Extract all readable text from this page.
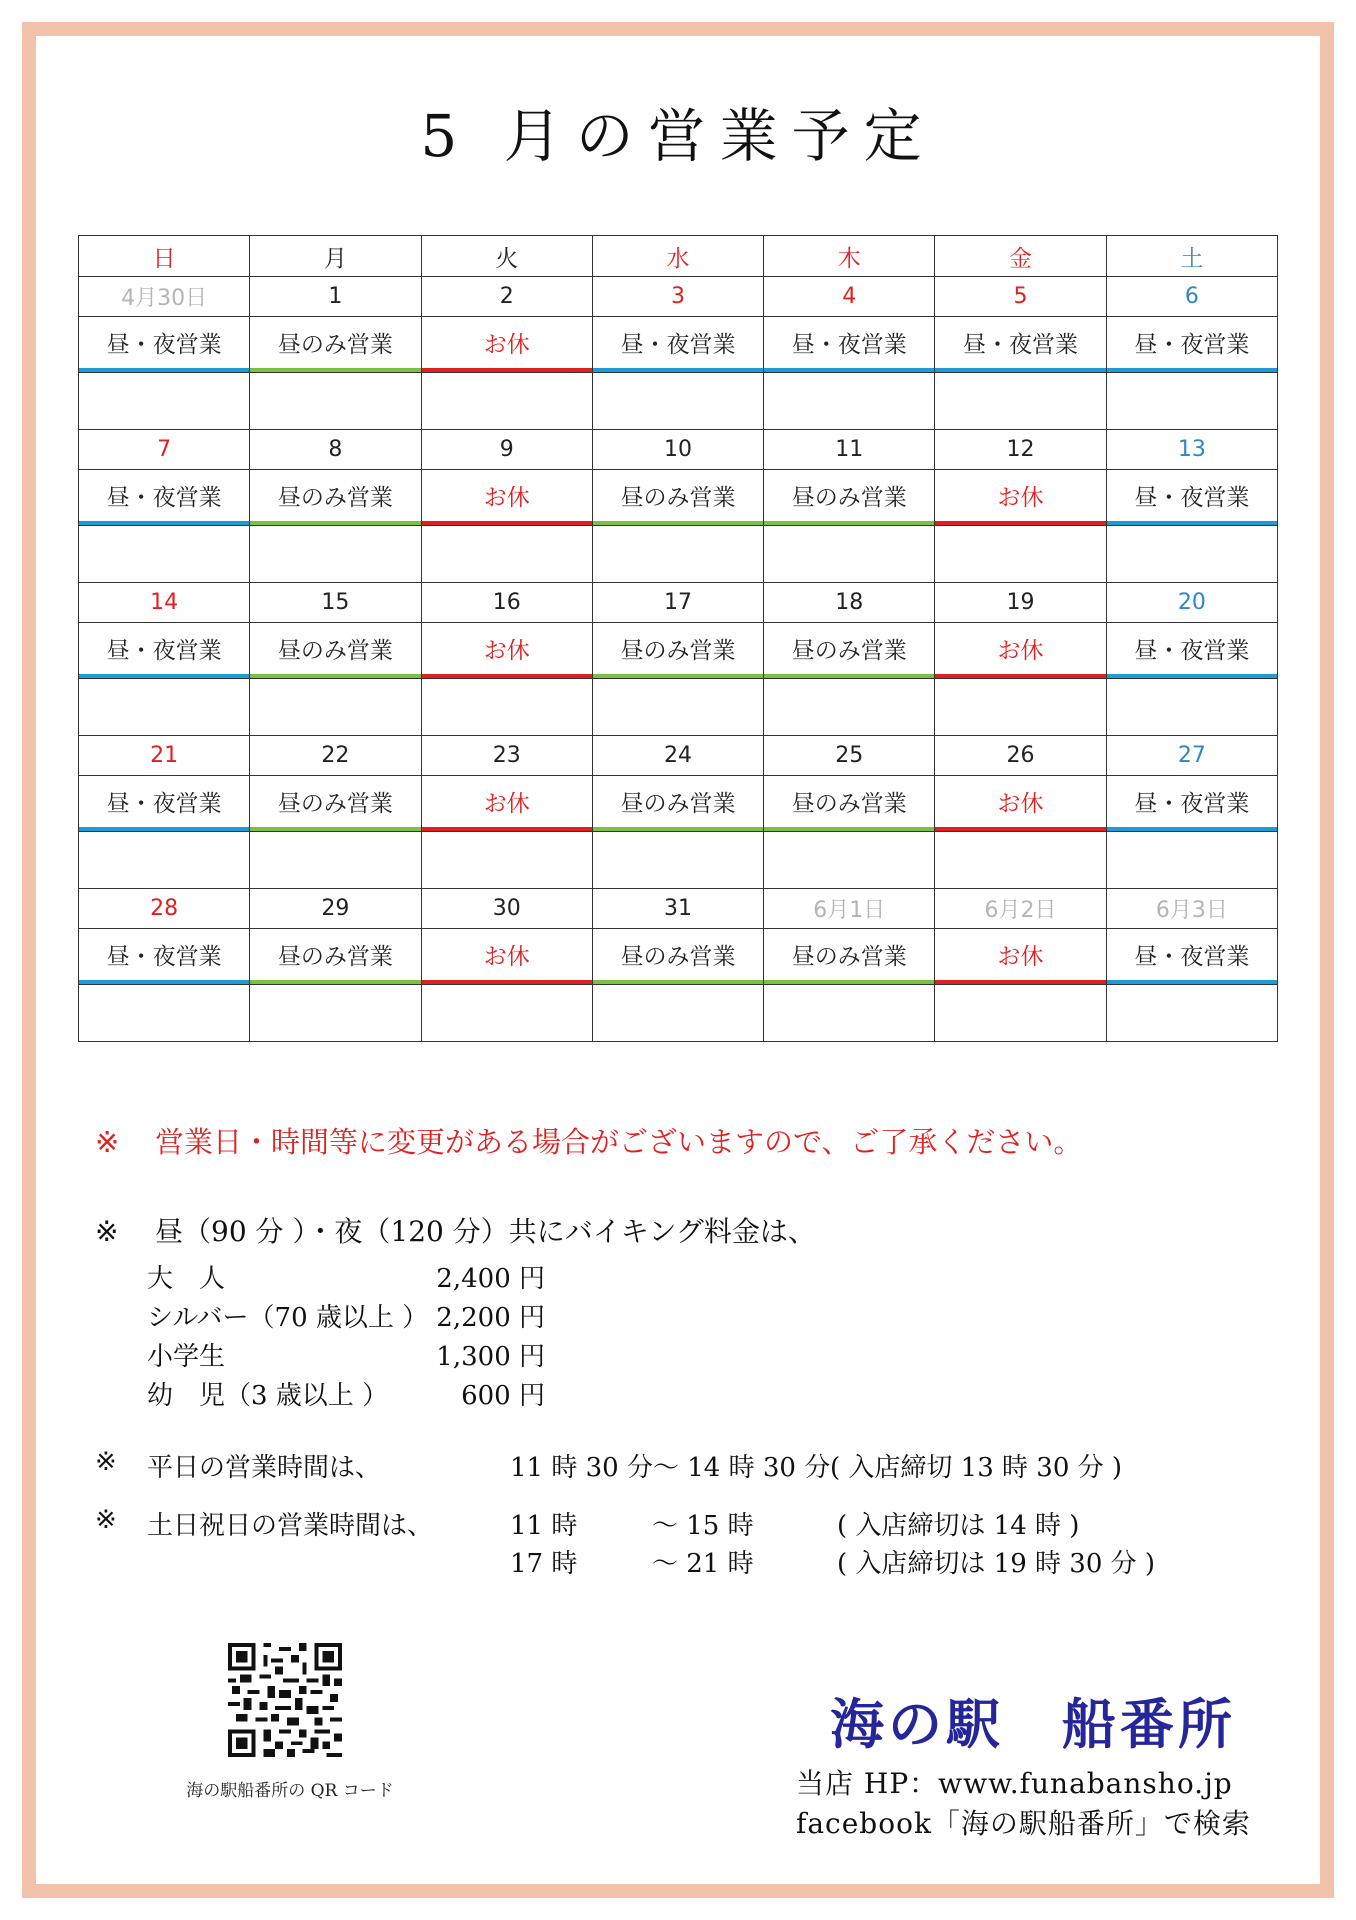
5 月の営業予定
日	月	火	水	木	金	土
4月30日	1	2	3	4	5	6

昼・夜営業	昼のみ営業	お休	昼・夜営業	昼・夜営業	昼・夜営業	昼・夜営業

7	8	9	10	11	12	13

昼・夜営業	昼のみ営業	お休	昼のみ営業	昼のみ営業	お休	昼・夜営業

14	15	16	17	18	19	20

昼・夜営業	昼のみ営業	お休	昼のみ営業	昼のみ営業	お休	昼・夜営業

21	22	23	24	25	26	27

昼・夜営業	昼のみ営業	お休	昼のみ営業	昼のみ営業	お休	昼・夜営業

28	29	30	31	6月1日	6月2日	6月3日

昼・夜営業	昼のみ営業	お休	昼のみ営業	昼のみ営業	お休	昼・夜営業

※ 営業日・時間等に変更がある場合がございますので、ご了承ください。
※ 昼（90 分 ）・夜（120 分）共にバイキング料金は、
大　人	2,400 円
シルバー（70 歳以上 ） 2,200 円
小学生	1,300 円
幼　児（3 歳以上 ）	600 円
※ 平日の営業時間は、	11 時 30 分～ 14 時 30 分 ( 入店締切 13 時 30 分 )
※ 土日祝日の営業時間は、	11 時	～ 15 時	( 入店締切は 14 時 )
17 時	～ 21 時	( 入店締切は 19 時 30 分 )
海の駅船番所の QR コード
海の駅　船番所
当店 HP：www.funabansho.jp
facebook「海の駅船番所」で検索
